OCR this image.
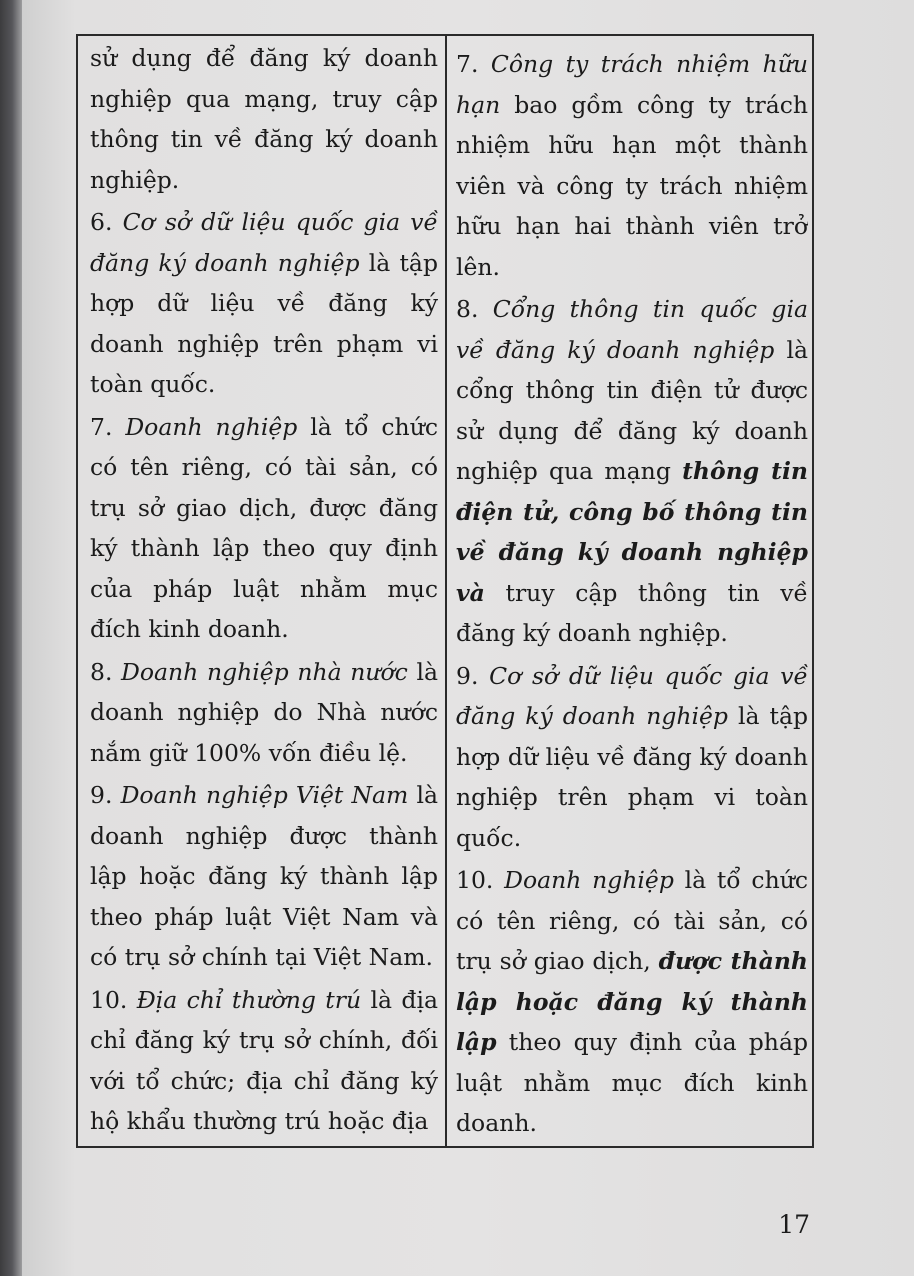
sử dụng để đăng ký doanh nghiệp qua mạng, truy cập thông tin về đăng ký doanh nghiệp.

6. Cơ sở dữ liệu quốc gia về đăng ký doanh nghiệp là tập hợp dữ liệu về đăng ký doanh nghiệp trên phạm vi toàn quốc.

7. Doanh nghiệp là tổ chức có tên riêng, có tài sản, có trụ sở giao dịch, được đăng ký thành lập theo quy định của pháp luật nhằm mục đích kinh doanh.

8. Doanh nghiệp nhà nước là doanh nghiệp do Nhà nước nắm giữ 100% vốn điều lệ.

9. Doanh nghiệp Việt Nam là doanh nghiệp được thành lập hoặc đăng ký thành lập theo pháp luật Việt Nam và có trụ sở chính tại Việt Nam.

10. Địa chỉ thường trú là địa chỉ đăng ký trụ sở chính, đối với tổ chức; địa chỉ đăng ký hộ khẩu thường trú hoặc địa

7. Công ty trách nhiệm hữu hạn bao gồm công ty trách nhiệm hữu hạn một thành viên và công ty trách nhiệm hữu hạn hai thành viên trở lên.

8. Cổng thông tin quốc gia về đăng ký doanh nghiệp là cổng thông tin điện tử được sử dụng để đăng ký doanh nghiệp qua mạng thông tin điện tử, công bố thông tin về đăng ký doanh nghiệp và truy cập thông tin về đăng ký doanh nghiệp.

9. Cơ sở dữ liệu quốc gia về đăng ký doanh nghiệp là tập hợp dữ liệu về đăng ký doanh nghiệp trên phạm vi toàn quốc.

10. Doanh nghiệp là tổ chức có tên riêng, có tài sản, có trụ sở giao dịch, được thành lập hoặc đăng ký thành lập theo quy định của pháp luật nhằm mục đích kinh doanh.

17
